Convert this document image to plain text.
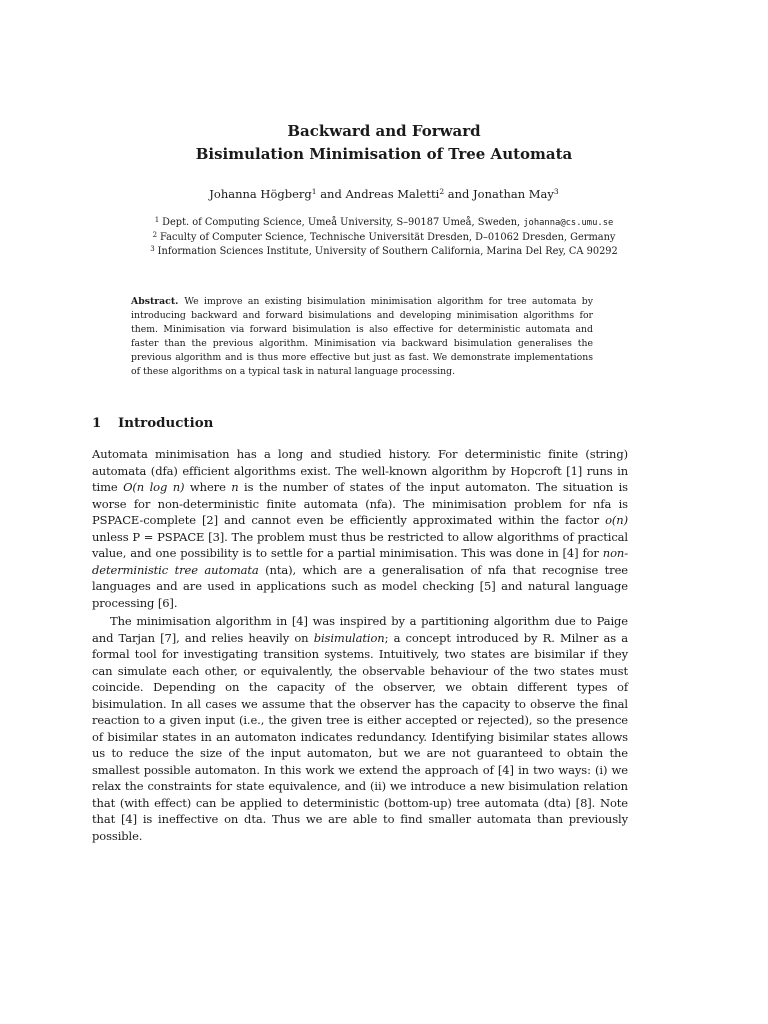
Backward and Forward
Bisimulation Minimisation of Tree Automata
Johanna Högberg$^1$ and Andreas Maletti$^2$ and Jonathan May$^3$
$^1$ Dept. of Computing Science, Umeå University, S–90187 Umeå, Sweden, johanna@cs.umu.se
$^2$ Faculty of Computer Science, Technische Universität Dresden, D–01062 Dresden, Germany
$^3$ Information Sciences Institute, University of Southern California, Marina Del Rey, CA 90292

Abstract. We improve an existing bisimulation minimisation algorithm for tree automata by introducing backward and forward bisimulations and developing minimisation algorithms for them. Minimisation via forward bisimulation is also effective for deterministic automata and faster than the previous algorithm. Minimisation via backward bisimulation generalises the previous algorithm and is thus more effective but just as fast. We demonstrate implementations of these algorithms on a typical task in natural language processing.

1 Introduction

Automata minimisation has a long and studied history. For deterministic finite (string) automata (dfa) efficient algorithms exist. The well-known algorithm by Hopcroft [1] runs in time O(n log n) where n is the number of states of the input automaton. The situation is worse for non-deterministic finite automata (nfa). The minimisation problem for nfa is PSPACE-complete [2] and cannot even be efficiently approximated within the factor o(n) unless P = PSPACE [3]. The problem must thus be restricted to allow algorithms of practical value, and one possibility is to settle for a partial minimisation. This was done in [4] for non-deterministic tree automata (nta), which are a generalisation of nfa that recognise tree languages and are used in applications such as model checking [5] and natural language processing [6].

The minimisation algorithm in [4] was inspired by a partitioning algorithm due to Paige and Tarjan [7], and relies heavily on bisimulation; a concept introduced by R. Milner as a formal tool for investigating transition systems. Intuitively, two states are bisimilar if they can simulate each other, or equivalently, the observable behaviour of the two states must coincide. Depending on the capacity of the observer, we obtain different types of bisimulation. In all cases we assume that the observer has the capacity to observe the final reaction to a given input (i.e., the given tree is either accepted or rejected), so the presence of bisimilar states in an automaton indicates redundancy. Identifying bisimilar states allows us to reduce the size of the input automaton, but we are not guaranteed to obtain the smallest possible automaton. In this work we extend the approach of [4] in two ways: (i) we relax the constraints for state equivalence, and (ii) we introduce a new bisimulation relation that (with effect) can be applied to deterministic (bottom-up) tree automata (dta) [8]. Note that [4] is ineffective on dta. Thus we are able to find smaller automata than previously possible.
